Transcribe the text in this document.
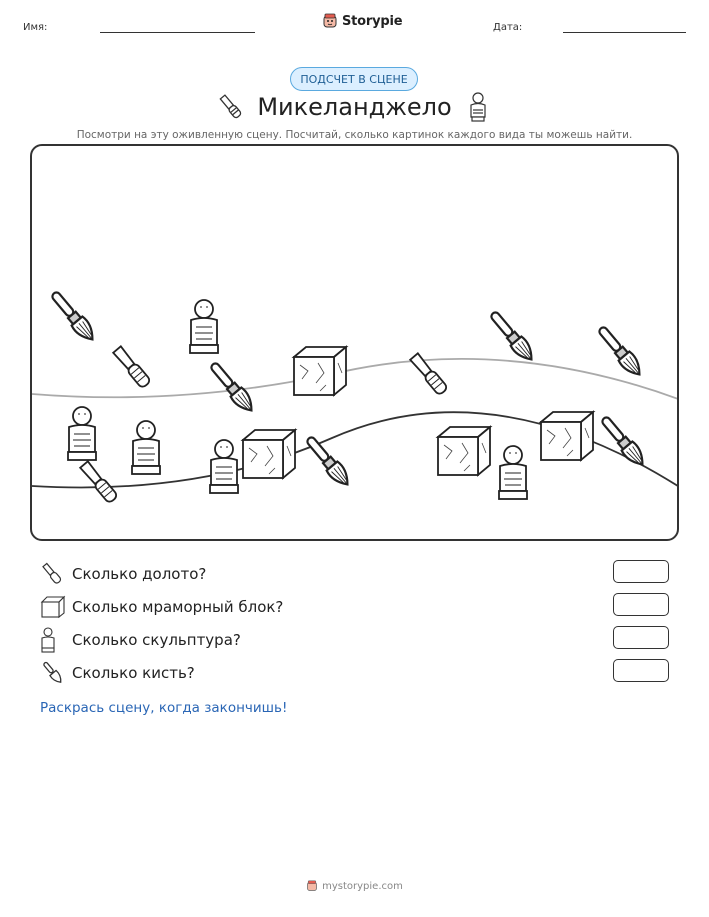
Имя:	Storypie	Дата:
ПОДСЧЕТ В СЦЕНЕ
Микеланджело
Посмотри на эту оживленную сцену. Посчитай, сколько картинок каждого вида ты можешь найти.
Сколько долото?
Сколько мраморный блок?
Сколько скульптура?
Сколько кисть?
Раскрась сцену, когда закончишь!
mystorypie.com
